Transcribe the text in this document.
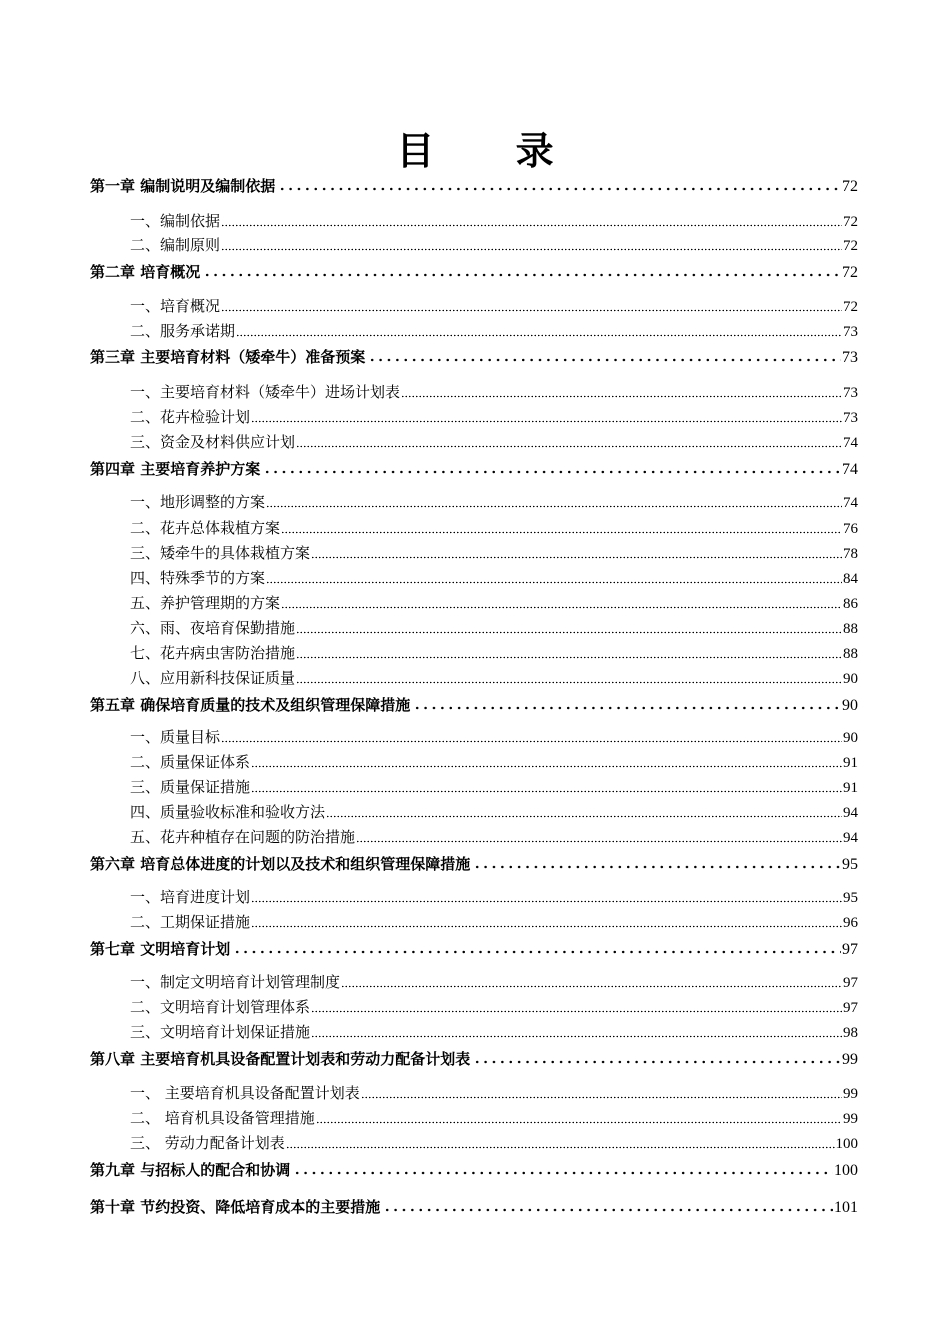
目 录
第一章 编制说明及编制依据	72
一、编制依据	72
二、编制原则	72
第二章 培育概况	72
一、培育概况	72
二、服务承诺期	73
第三章 主要培育材料（矮牵牛）准备预案	73
一、主要培育材料（矮牵牛）进场计划表	73
二、花卉检验计划	73
三、资金及材料供应计划	74
第四章 主要培育养护方案	74
一、地形调整的方案	74
二、花卉总体栽植方案	76
三、矮牵牛的具体栽植方案	78
四、特殊季节的方案	84
五、养护管理期的方案	86
六、雨、夜培育保勤措施	88
七、花卉病虫害防治措施	88
八、应用新科技保证质量	90
第五章 确保培育质量的技术及组织管理保障措施	90
一、质量目标	90
二、质量保证体系	91
三、质量保证措施	91
四、质量验收标准和验收方法	94
五、花卉种植存在问题的防治措施	94
第六章 培育总体进度的计划以及技术和组织管理保障措施	95
一、培育进度计划	95
二、工期保证措施	96
第七章 文明培育计划	97
一、制定文明培育计划管理制度	97
二、文明培育计划管理体系	97
三、文明培育计划保证措施	98
第八章 主要培育机具设备配置计划表和劳动力配备计划表	99
一、 主要培育机具设备配置计划表	99
二、 培育机具设备管理措施	99
三、 劳动力配备计划表	100
第九章 与招标人的配合和协调	100
第十章 节约投资、降低培育成本的主要措施	101
